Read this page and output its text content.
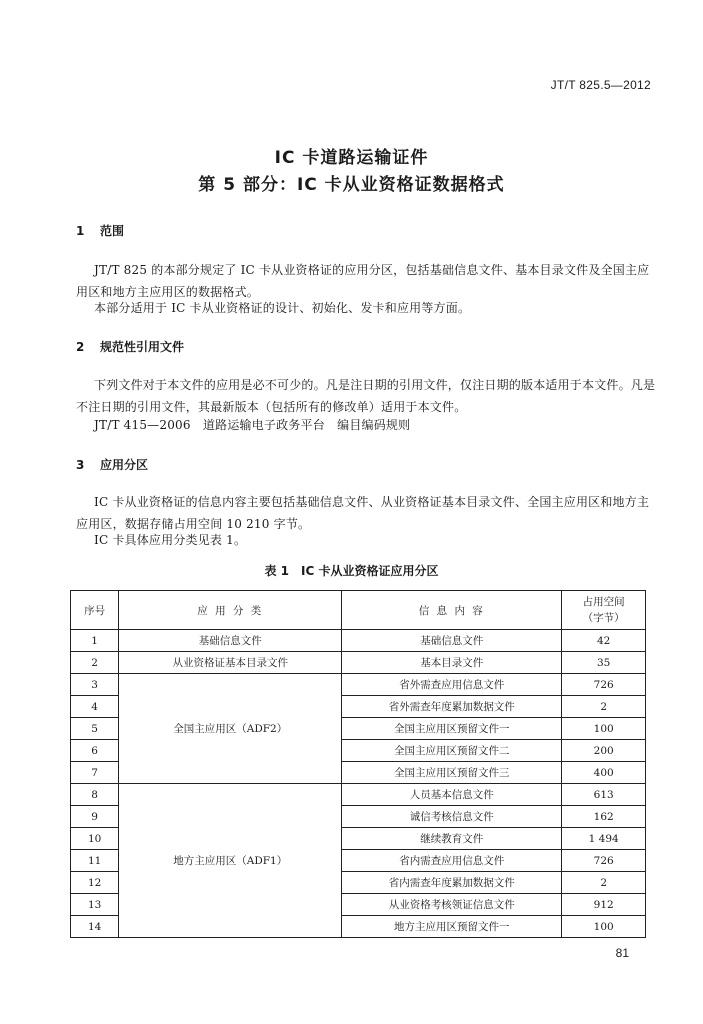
JT/T 825.5—2012
IC 卡道路运输证件
第 5 部分：IC 卡从业资格证数据格式
1 范围

JT/T 825 的本部分规定了 IC 卡从业资格证的应用分区，包括基础信息文件、基本目录文件及全国主应用区和地方主应用区的数据格式。

本部分适用于 IC 卡从业资格证的设计、初始化、发卡和应用等方面。

2 规范性引用文件

下列文件对于本文件的应用是必不可少的。凡是注日期的引用文件，仅注日期的版本适用于本文件。凡是不注日期的引用文件，其最新版本（包括所有的修改单）适用于本文件。

JT/T 415—2006　道路运输电子政务平台　编目编码规则
3 应用分区

IC 卡从业资格证的信息内容主要包括基础信息文件、从业资格证基本目录文件、全国主应用区和地方主应用区，数据存储占用空间 10 210 字节。

IC 卡具体应用分类见表 1。

表 1　IC 卡从业资格证应用分区
序号	应 用 分 类	信 息 内 容	占用空间
（字节）
1	基础信息文件	基础信息文件	42
2	从业资格证基本目录文件	基本目录文件	35
3	全国主应用区（ADF2）	省外需查应用信息文件	726
4		省外需查年度累加数据文件	2
5		全国主应用区预留文件一	100
6		全国主应用区预留文件二	200
7		全国主应用区预留文件三	400
8	地方主应用区（ADF1）	人员基本信息文件	613
9		诚信考核信息文件	162
10		继续教育文件	1 494
11		省内需查应用信息文件	726
12		省内需查年度累加数据文件	2
13		从业资格考核领证信息文件	912
14		地方主应用区预留文件一	100
81
